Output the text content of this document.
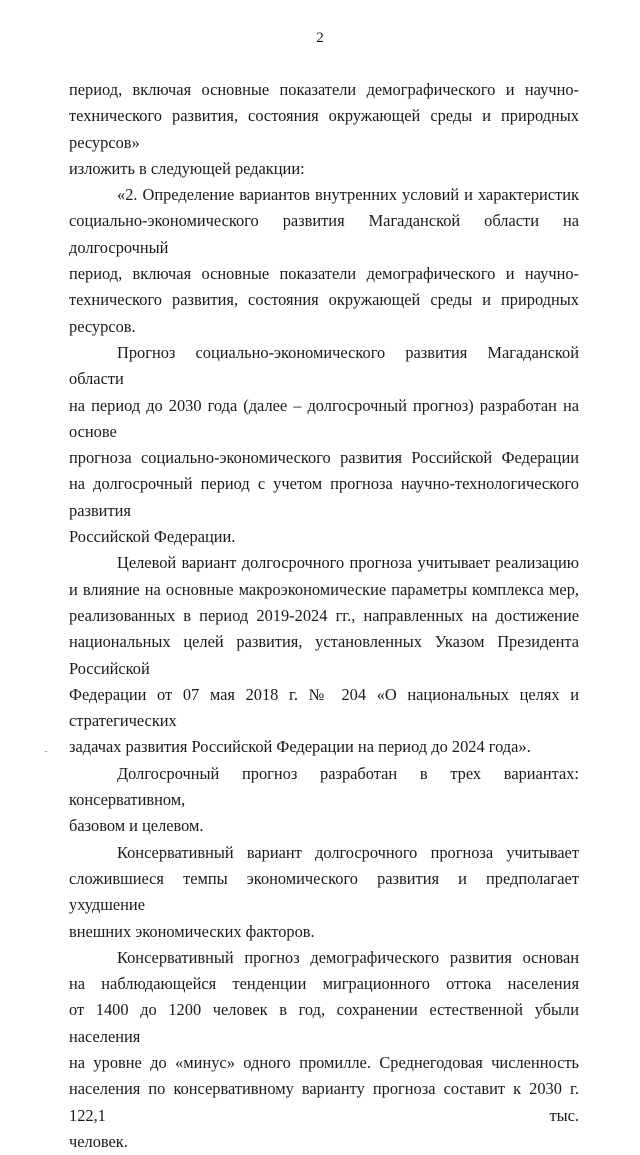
2
период, включая основные показатели демографического и научно-
технического развития, состояния окружающей среды и природных ресурсов»
изложить в следующей редакции:
«2. Определение вариантов внутренних условий и характеристик
социально-экономического развития Магаданской области на долгосрочный
период, включая основные показатели демографического и научно-
технического развития, состояния окружающей среды и природных ресурсов.
Прогноз социально-экономического развития Магаданской области
на период до 2030 года (далее – долгосрочный прогноз) разработан на основе
прогноза социально-экономического развития Российской Федерации
на долгосрочный период с учетом прогноза научно-технологического развития
Российской Федерации.
Целевой вариант долгосрочного прогноза учитывает реализацию
и влияние на основные макроэкономические параметры комплекса мер,
реализованных в период 2019-2024 гг., направленных на достижение
национальных целей развития, установленных Указом Президента Российской
Федерации от 07 мая 2018 г. № 204 «О национальных целях и стратегических
задачах развития Российской Федерации на период до 2024 года».
Долгосрочный прогноз разработан в трех вариантах: консервативном,
базовом и целевом.
Консервативный вариант долгосрочного прогноза учитывает
сложившиеся темпы экономического развития и предполагает ухудшение
внешних экономических факторов.
Консервативный прогноз демографического развития основан
на наблюдающейся тенденции миграционного оттока населения
от 1400 до 1200 человек в год, сохранении естественной убыли населения
на уровне до «минус» одного промилле. Среднегодовая численность
населения по консервативному варианту прогноза составит к 2030 г. 122,1 тыс.
человек.
-
